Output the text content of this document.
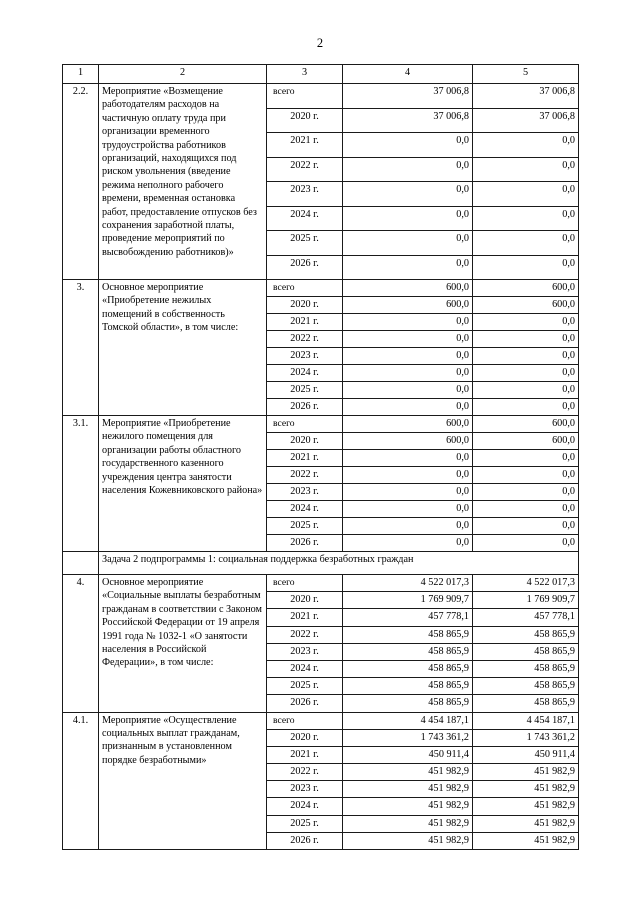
2
1	2	3	4	5
2.2.	Мероприятие «Возмещение работодателям расходов на частичную оплату труда при организации временного трудоустройства работников организаций, находящихся под риском увольнения (введение режима неполного рабочего времени, временная остановка работ, предоставление отпусков без сохранения заработной платы, проведение мероприятий по высвобождению работников)»	всего	37 006,8	37 006,8
		2020 г.	37 006,8	37 006,8
		2021 г.	0,0	0,0
		2022 г.	0,0	0,0
		2023 г.	0,0	0,0
		2024 г.	0,0	0,0
		2025 г.	0,0	0,0
		2026 г.	0,0	0,0
3.	Основное мероприятие «Приобретение нежилых помещений в собственность Томской области», в том числе:	всего	600,0	600,0
		2020 г.	600,0	600,0
		2021 г.	0,0	0,0
		2022 г.	0,0	0,0
		2023 г.	0,0	0,0
		2024 г.	0,0	0,0
		2025 г.	0,0	0,0
		2026 г.	0,0	0,0
3.1.	Мероприятие «Приобретение нежилого помещения для организации работы областного государственного казенного учреждения центра занятости населения Кожевниковского района»	всего	600,0	600,0
		2020 г.	600,0	600,0
		2021 г.	0,0	0,0
		2022 г.	0,0	0,0
		2023 г.	0,0	0,0
		2024 г.	0,0	0,0
		2025 г.	0,0	0,0
		2026 г.	0,0	0,0
	Задача 2 подпрограммы 1: социальная поддержка безработных граждан			
4.	Основное мероприятие «Социальные выплаты безработным гражданам в соответствии с Законом Российской Федерации от 19 апреля 1991 года № 1032-1 «О занятости населения в Российской Федерации», в том числе:	всего	4 522 017,3	4 522 017,3
		2020 г.	1 769 909,7	1 769 909,7
		2021 г.	457 778,1	457 778,1
		2022 г.	458 865,9	458 865,9
		2023 г.	458 865,9	458 865,9
		2024 г.	458 865,9	458 865,9
		2025 г.	458 865,9	458 865,9
		2026 г.	458 865,9	458 865,9
4.1.	Мероприятие «Осуществление социальных выплат гражданам, признанным в установленном порядке безработными»	всего	4 454 187,1	4 454 187,1
		2020 г.	1 743 361,2	1 743 361,2
		2021 г.	450 911,4	450 911,4
		2022 г.	451 982,9	451 982,9
		2023 г.	451 982,9	451 982,9
		2024 г.	451 982,9	451 982,9
		2025 г.	451 982,9	451 982,9
		2026 г.	451 982,9	451 982,9
